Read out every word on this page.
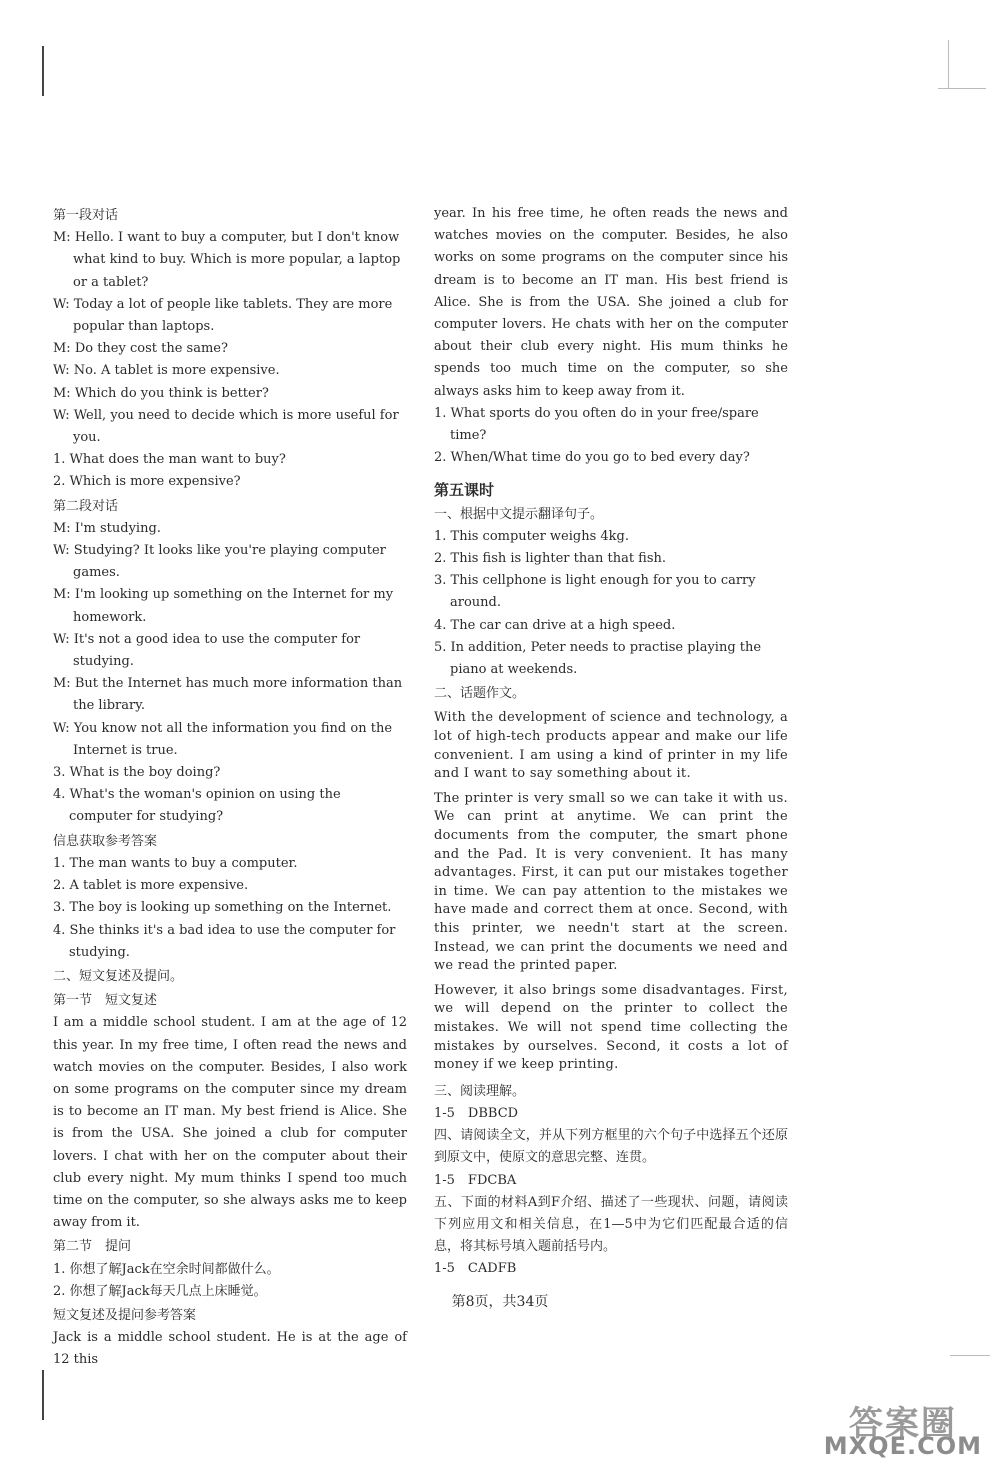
第一段对话

M: Hello. I want to buy a computer, but I don't know what kind to buy. Which is more popular, a laptop or a tablet?

W: Today a lot of people like tablets. They are more popular than laptops.

M: Do they cost the same?

W: No. A tablet is more expensive.

M: Which do you think is better?

W: Well, you need to decide which is more useful for you.

1. What does the man want to buy?

2. Which is more expensive?

第二段对话

M: I'm studying.

W: Studying? It looks like you're playing computer games.

M: I'm looking up something on the Internet for my homework.

W: It's not a good idea to use the computer for studying.

M: But the Internet has much more information than the library.

W: You know not all the information you find on the Internet is true.

3. What is the boy doing?

4. What's the woman's opinion on using the computer for studying?

信息获取参考答案

1. The man wants to buy a computer.

2. A tablet is more expensive.

3. The boy is looking up something on the Internet.

4. She thinks it's a bad idea to use the computer for studying.

二、短文复述及提问。

第一节　短文复述

I am a middle school student. I am at the age of 12 this year. In my free time, I often read the news and watch movies on the computer. Besides, I also work on some programs on the computer since my dream is to become an IT man. My best friend is Alice. She is from the USA. She joined a club for computer lovers. I chat with her on the computer about their club every night. My mum thinks I spend too much time on the computer, so she always asks me to keep away from it.

第二节　提问

1. 你想了解Jack在空余时间都做什么。

2. 你想了解Jack每天几点上床睡觉。

短文复述及提问参考答案

Jack is a middle school student. He is at the age of 12 this

year. In his free time, he often reads the news and watches movies on the computer. Besides, he also works on some programs on the computer since his dream is to become an IT man. His best friend is Alice. She is from the USA. She joined a club for computer lovers. He chats with her on the computer about their club every night. His mum thinks he spends too much time on the computer, so she always asks him to keep away from it.

1. What sports do you often do in your free/spare time?

2. When/What time do you go to bed every day?

第五课时

一、根据中文提示翻译句子。

1. This computer weighs 4kg.

2. This fish is lighter than that fish.

3. This cellphone is light enough for you to carry around.

4. The car can drive at a high speed.

5. In addition, Peter needs to practise playing the piano at weekends.

二、话题作文。

With the development of science and technology, a lot of high-tech products appear and make our life convenient. I am using a kind of printer in my life and I want to say something about it.

The printer is very small so we can take it with us. We can print at anytime. We can print the documents from the computer, the smart phone and the Pad. It is very convenient. It has many advantages. First, it can put our mistakes together in time. We can pay attention to the mistakes we have made and correct them at once. Second, with this printer, we needn't start at the screen. Instead, we can print the documents we need and we read the printed paper.

However, it also brings some disadvantages. First, we will depend on the printer to collect the mistakes. We will not spend time collecting the mistakes by ourselves. Second, it costs a lot of money if we keep printing.

三、阅读理解。

1-5　DBBCD

四、请阅读全文，并从下列方框里的六个句子中选择五个还原到原文中，使原文的意思完整、连贯。

1-5　FDCBA

五、下面的材料A到F介绍、描述了一些现状、问题，请阅读下列应用文和相关信息，在1—5中为它们匹配最合适的信息，将其标号填入题前括号内。

1-5　CADFB

第8页，共34页
答案圈
MXQE.COM
